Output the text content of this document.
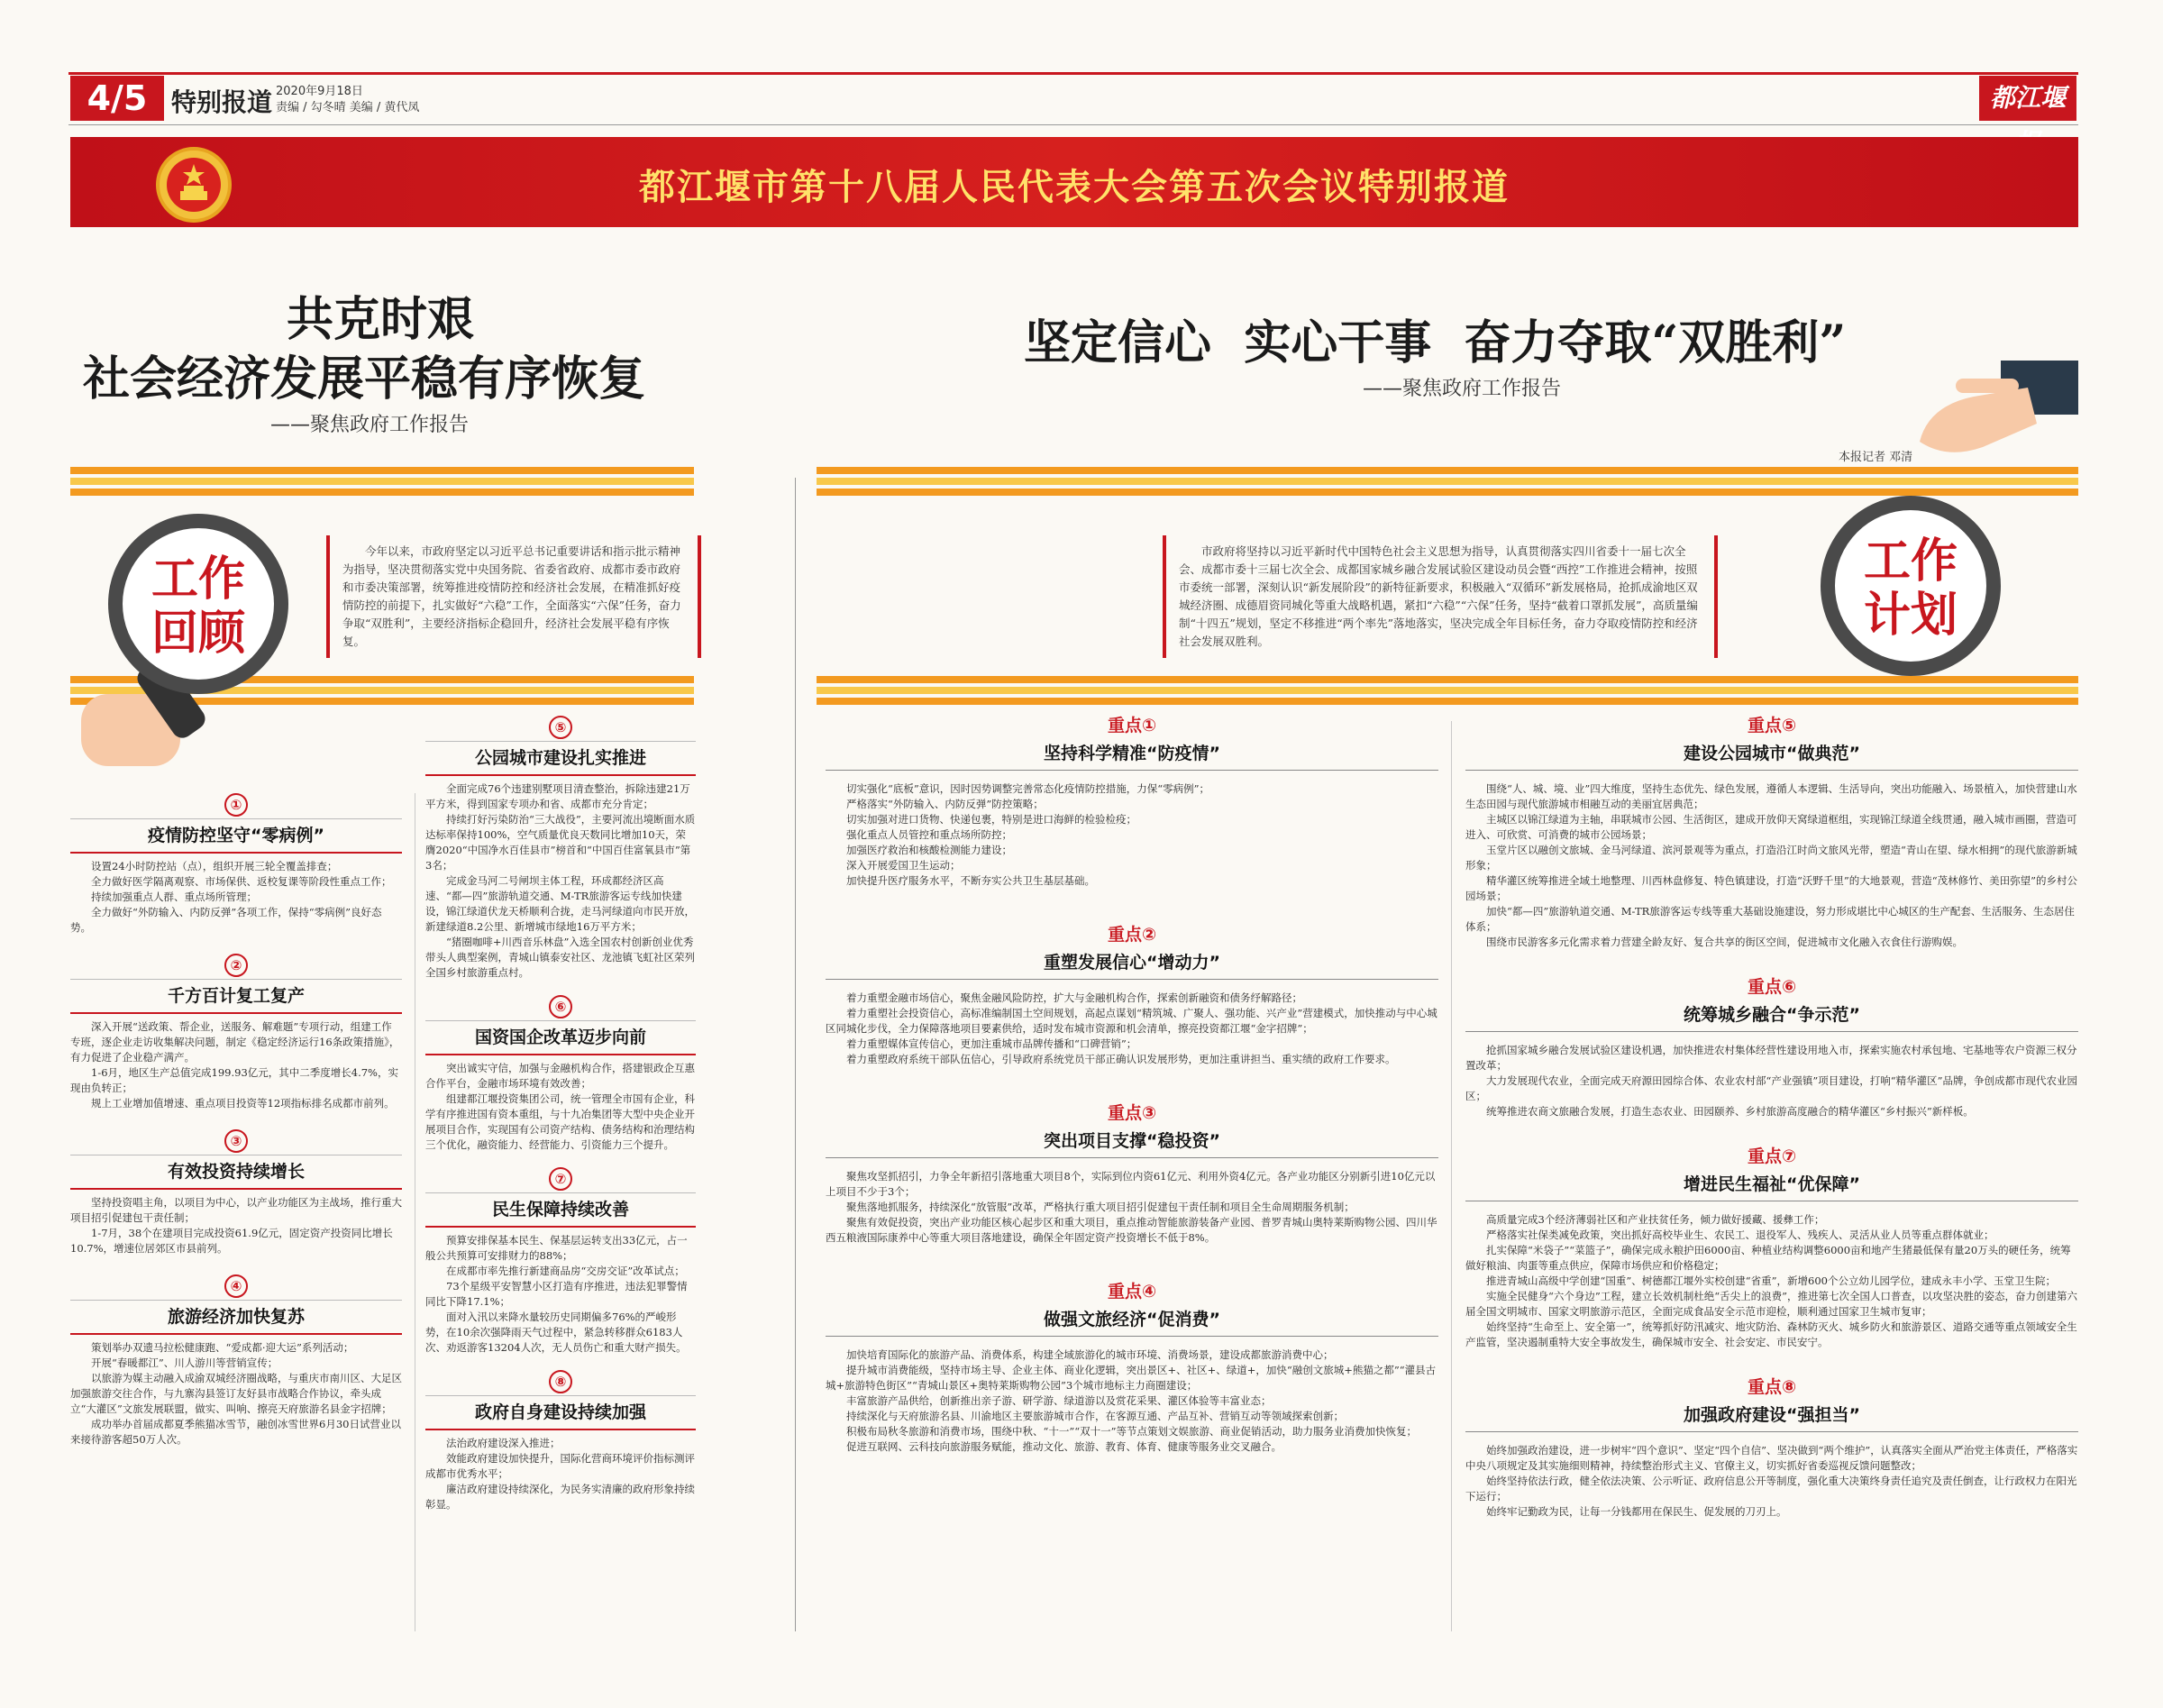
4/5 特别报道 2020年9月18日
责编 / 勾冬晴 美编 / 黄代凤	都江堰
都江堰市第十八届人民代表大会第五次会议特别报道
共克时艰
社会经济发展平稳有序恢复
——聚焦政府工作报告
坚定信心  实心干事  奋力夺取“双胜利”
——聚焦政府工作报告
本报记者 邓清
工作
回顾
工作
计划

今年以来，市政府坚定以习近平总书记重要讲话和指示批示精神为指导，坚决贯彻落实党中央国务院、省委省政府、成都市委市政府和市委决策部署，统筹推进疫情防控和经济社会发展，在精准抓好疫情防控的前提下，扎实做好“六稳”工作，全面落实“六保”任务，奋力争取“双胜利”，主要经济指标企稳回升，经济社会发展平稳有序恢复。

市政府将坚持以习近平新时代中国特色社会主义思想为指导，认真贯彻落实四川省委十一届七次全会、成都市委十三届七次全会、成都国家城乡融合发展试验区建设动员会暨“西控”工作推进会精神，按照市委统一部署，深刻认识“新发展阶段”的新特征新要求，积极融入“双循环”新发展格局，抢抓成渝地区双城经济圈、成德眉资同城化等重大战略机遇，紧扣“六稳”“六保”任务，坚持“截着口罩抓发展”，高质量编制“十四五”规划，坚定不移推进“两个率先”落地落实，坚决完成全年目标任务，奋力夺取疫情防控和经济社会发展双胜利。

①
疫情防控坚守“零病例”

设置24小时防控站（点），组织开展三轮全覆盖排查；

全力做好医学隔离观察、市场保供、返校复课等阶段性重点工作；

持续加强重点人群、重点场所管理；

全力做好“外防输入、内防反弹”各项工作，保持“零病例”良好态势。

②
千方百计复工复产

深入开展“送政策、帮企业，送服务、解难题”专项行动，组建工作专班，逐企业走访收集解决问题，制定《稳定经济运行16条政策措施》，有力促进了企业稳产满产。

1-6月，地区生产总值完成199.93亿元，其中二季度增长4.7%，实现由负转正；

规上工业增加值增速、重点项目投资等12项指标排名成都市前列。

③
有效投资持续增长

坚持投资唱主角，以项目为中心，以产业功能区为主战场，推行重大项目招引促建包干责任制；

1-7月，38个在建项目完成投资61.9亿元，固定资产投资同比增长10.7%，增速位居郊区市县前列。

④
旅游经济加快复苏

策划举办双遗马拉松健康跑、“爱成都·迎大运”系列活动；

开展“春暖都江”、川人游川等营销宣传；

以旅游为媒主动融入成渝双城经济圈战略，与重庆市南川区、大足区加强旅游交往合作，与九寨沟县签订友好县市战略合作协议，牵头成立“大灌区”文旅发展联盟，做实、叫响、擦亮天府旅游名县金字招牌；

成功举办首届成都夏季熊猫冰雪节，融创冰雪世界6月30日试营业以来接待游客超50万人次。

⑤
公园城市建设扎实推进

全面完成76个违建别墅项目清查整治，拆除违建21万平方米，得到国家专项办和省、成都市充分肯定；

持续打好污染防治“三大战役”，主要河流出境断面水质达标率保持100%，空气质量优良天数同比增加10天，荣膺2020“中国净水百佳县市”榜首和“中国百佳富氧县市”第3名；

完成金马河二号闸坝主体工程，环成都经济区高速、“都—四”旅游轨道交通、M-TR旅游客运专线加快建设，锦江绿道伏龙天桥顺利合拢，走马河绿道向市民开放，新建绿道8.2公里、新增城市绿地16万平方米；

“猪圈咖啡+川西音乐林盘”入选全国农村创新创业优秀带头人典型案例，青城山镇泰安社区、龙池镇飞虹社区荣列全国乡村旅游重点村。

⑥
国资国企改革迈步向前

突出诚实守信，加强与金融机构合作，搭建银政企互惠合作平台，金融市场环境有效改善；

组建都江堰投资集团公司，统一管理全市国有企业，科学有序推进国有资本重组，与十九冶集团等大型中央企业开展项目合作，实现国有公司资产结构、债务结构和治理结构三个优化，融资能力、经营能力、引资能力三个提升。

⑦
民生保障持续改善

预算安排保基本民生、保基层运转支出33亿元，占一般公共预算可安排财力的88%；

在成都市率先推行新建商品房“交房交证”改革试点；

73个星级平安智慧小区打造有序推进，违法犯罪警情同比下降17.1%；

面对入汛以来降水量较历史同期偏多76%的严峻形势，在10余次强降雨天气过程中，紧急转移群众6183人次、劝返游客13204人次，无人员伤亡和重大财产损失。

⑧
政府自身建设持续加强

法治政府建设深入推进；

效能政府建设加快提升，国际化营商环境评价指标测评成都市优秀水平；

廉洁政府建设持续深化，为民务实清廉的政府形象持续彰显。

重点①
坚持科学精准“防疫情”

切实强化“底板”意识，因时因势调整完善常态化疫情防控措施，力保“零病例”；

严格落实“外防输入、内防反弹”防控策略；

切实加强对进口货物、快递包裹，特别是进口海鲜的检验检疫；

强化重点人员管控和重点场所防控；

加强医疗救治和核酸检测能力建设；

深入开展爱国卫生运动；

加快提升医疗服务水平，不断夯实公共卫生基层基础。

重点②
重塑发展信心“增动力”

着力重塑金融市场信心，聚焦金融风险防控，扩大与金融机构合作，探索创新融资和债务纾解路径；

着力重塑社会投资信心，高标准编制国土空间规划，高起点谋划“精筑城、广聚人、强功能、兴产业”营建模式，加快推动与中心城区同城化步伐，全力保障落地项目要素供给，适时发布城市资源和机会清单，擦亮投资都江堰“金字招牌”；

着力重塑媒体宣传信心，更加注重城市品牌传播和“口碑营销”；

着力重塑政府系统干部队伍信心，引导政府系统党员干部正确认识发展形势，更加注重讲担当、重实绩的政府工作要求。

重点③
突出项目支撑“稳投资”

聚焦攻坚抓招引，力争全年新招引落地重大项目8个，实际到位内资61亿元、利用外资4亿元。各产业功能区分别新引进10亿元以上项目不少于3个；

聚焦落地抓服务，持续深化“放管服”改革，严格执行重大项目招引促建包干责任制和项目全生命周期服务机制；

聚焦有效促投资，突出产业功能区核心起步区和重大项目，重点推动智能旅游装备产业园、普罗青城山奥特莱斯购物公园、四川华西五粮液国际康养中心等重大项目落地建设，确保全年固定资产投资增长不低于8%。

重点④
做强文旅经济“促消费”

加快培育国际化的旅游产品、消费体系，构建全域旅游化的城市环境、消费场景，建设成都旅游消费中心；

提升城市消费能级，坚持市场主导、企业主体、商业化逻辑，突出景区+、社区+、绿道+，加快“融创文旅城+熊猫之都”“灌县古城+旅游特色街区”“青城山景区+奥特莱斯购物公园”3个城市地标主力商圈建设；

丰富旅游产品供给，创新推出亲子游、研学游、绿道游以及赏花采果、灌区体验等丰富业态；

持续深化与天府旅游名县、川渝地区主要旅游城市合作，在客源互通、产品互补、营销互动等领域探索创新；

积极布局秋冬旅游和消费市场，围绕中秋、“十一”“双十一”等节点策划文娱旅游、商业促销活动，助力服务业消费加快恢复；

促进互联网、云科技向旅游服务赋能，推动文化、旅游、教育、体育、健康等服务业交叉融合。

重点⑤
建设公园城市“做典范”

围绕“人、城、境、业”四大维度，坚持生态优先、绿色发展，遵循人本逻辑、生活导向，突出功能融入、场景植入，加快营建山水生态田园与现代旅游城市相融互动的美丽宜居典范；

主城区以锦江绿道为主轴，串联城市公园、生活街区，建成开放仰天窝绿道框组，实现锦江绿道全线贯通，融入城市画圈，营造可进入、可欣赏、可消费的城市公园场景；

玉堂片区以融创文旅城、金马河绿道、滨河景观等为重点，打造沿江时尚文旅风光带，塑造“青山在望、绿水相拥”的现代旅游新城形象；

精华灌区统筹推进全域土地整理、川西林盘修复、特色镇建设，打造“沃野千里”的大地景观，营造“茂林修竹、美田弥望”的乡村公园场景；

加快“都—四”旅游轨道交通、M-TR旅游客运专线等重大基础设施建设，努力形成堪比中心城区的生产配套、生活服务、生态居住体系；

围绕市民游客多元化需求着力营建全龄友好、复合共享的街区空间，促进城市文化融入衣食住行游购娱。

重点⑥
统筹城乡融合“争示范”

抢抓国家城乡融合发展试验区建设机遇，加快推进农村集体经营性建设用地入市，探索实施农村承包地、宅基地等农户资源三权分置改革；

大力发展现代农业，全面完成天府源田园综合体、农业农村部“产业强镇”项目建设，打响“精华灌区”品牌，争创成都市现代农业园区；

统筹推进农商文旅融合发展，打造生态农业、田园颐养、乡村旅游高度融合的精华灌区“乡村振兴”新样板。

重点⑦
增进民生福祉“优保障”

高质量完成3个经济薄弱社区和产业扶贫任务，倾力做好援藏、援彝工作；

严格落实社保类减免政策，突出抓好高校毕业生、农民工、退役军人、残疾人、灵活从业人员等重点群体就业；

扎实保障“米袋子”“菜篮子”，确保完成永粮护田6000亩、种植业结构调整6000亩和地产生猪最低保有量20万头的硬任务，统筹做好粮油、肉蛋等重点供应，保障市场供应和价格稳定；

推进青城山高级中学创建“国重”、树德都江堰外实校创建“省重”，新增600个公立幼儿园学位，建成永丰小学、玉堂卫生院；

实施全民健身“六个身边”工程，建立长效机制杜绝“舌尖上的浪费”，推进第七次全国人口普查，以攻坚决胜的姿态，奋力创建第六届全国文明城市、国家文明旅游示范区，全面完成食品安全示范市迎检，顺利通过国家卫生城市复审；

始终坚持“生命至上、安全第一”，统筹抓好防汛减灾、地灾防治、森林防灭火、城乡防火和旅游景区、道路交通等重点领域安全生产监管，坚决遏制重特大安全事故发生，确保城市安全、社会安定、市民安宁。

重点⑧
加强政府建设“强担当”

始终加强政治建设，进一步树牢“四个意识”、坚定“四个自信”、坚决做到“两个维护”，认真落实全面从严治党主体责任，严格落实中央八项规定及其实施细则精神，持续整治形式主义、官僚主义，切实抓好省委巡视反馈问题整改；

始终坚持依法行政，健全依法决策、公示听证、政府信息公开等制度，强化重大决策终身责任追究及责任倒查，让行政权力在阳光下运行；

始终牢记勤政为民，让每一分钱都用在保民生、促发展的刀刃上。
